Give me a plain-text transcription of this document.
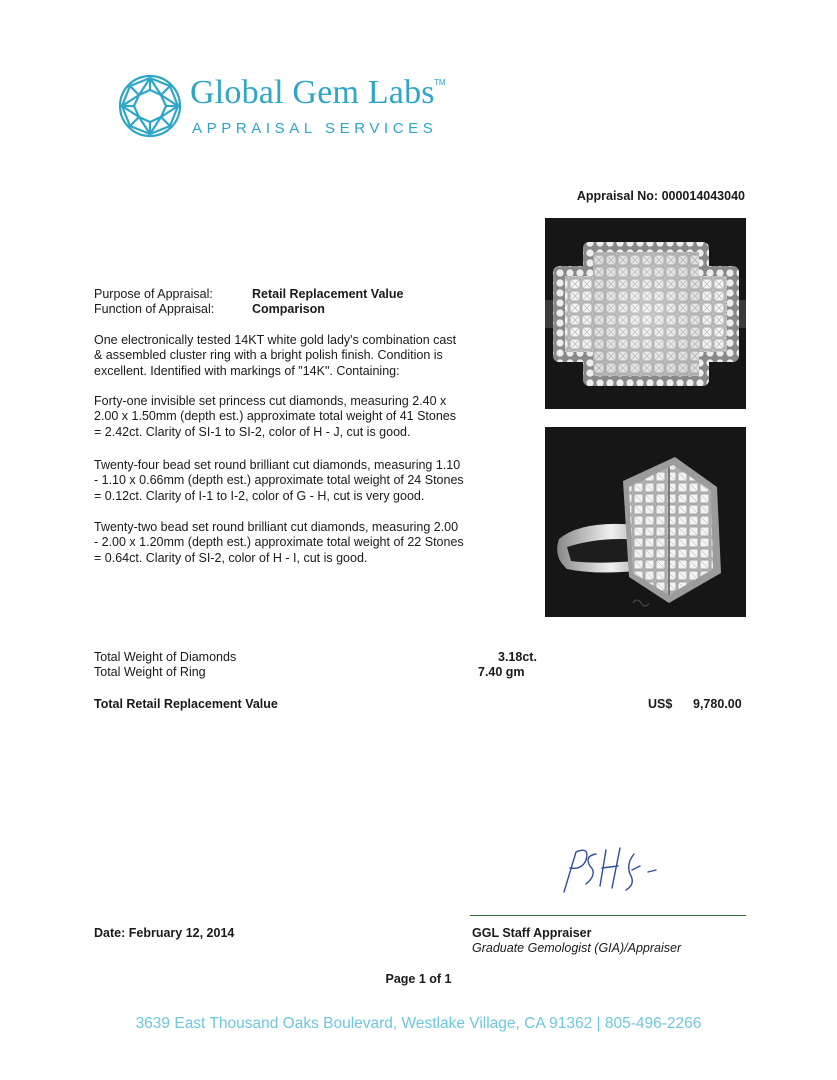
Global Gem Labs TM
APPRAISAL SERVICES
Appraisal No: 000014043040
Purpose of Appraisal:	Retail Replacement Value
Function of Appraisal:	Comparison
One electronically tested 14KT white gold lady's combination cast
& assembled cluster ring with a bright polish finish. Condition is
excellent. Identified with markings of "14K". Containing:
Forty-one invisible set princess cut diamonds, measuring 2.40 x
2.00 x 1.50mm (depth est.) approximate total weight of 41 Stones
= 2.42ct. Clarity of SI-1 to SI-2, color of H - J, cut is good.
Twenty-four bead set round brilliant cut diamonds, measuring 1.10
- 1.10 x 0.66mm (depth est.) approximate total weight of 24 Stones
= 0.12ct. Clarity of I-1 to I-2, color of G - H, cut is very good.
Twenty-two bead set round brilliant cut diamonds, measuring 2.00
- 2.00 x 1.20mm (depth est.) approximate total weight of 22 Stones
= 0.64ct. Clarity of SI-2, color of H - I, cut is good.
Total Weight of Diamonds	3.18ct.
Total Weight of Ring	7.40 gm
Total Retail Replacement Value	US$ 9,780.00
GGL Staff Appraiser
Graduate Gemologist (GIA)/Appraiser
Date: February 12, 2014
Page 1 of 1
3639 East Thousand Oaks Boulevard, Westlake Village, CA 91362 | 805-496-2266
